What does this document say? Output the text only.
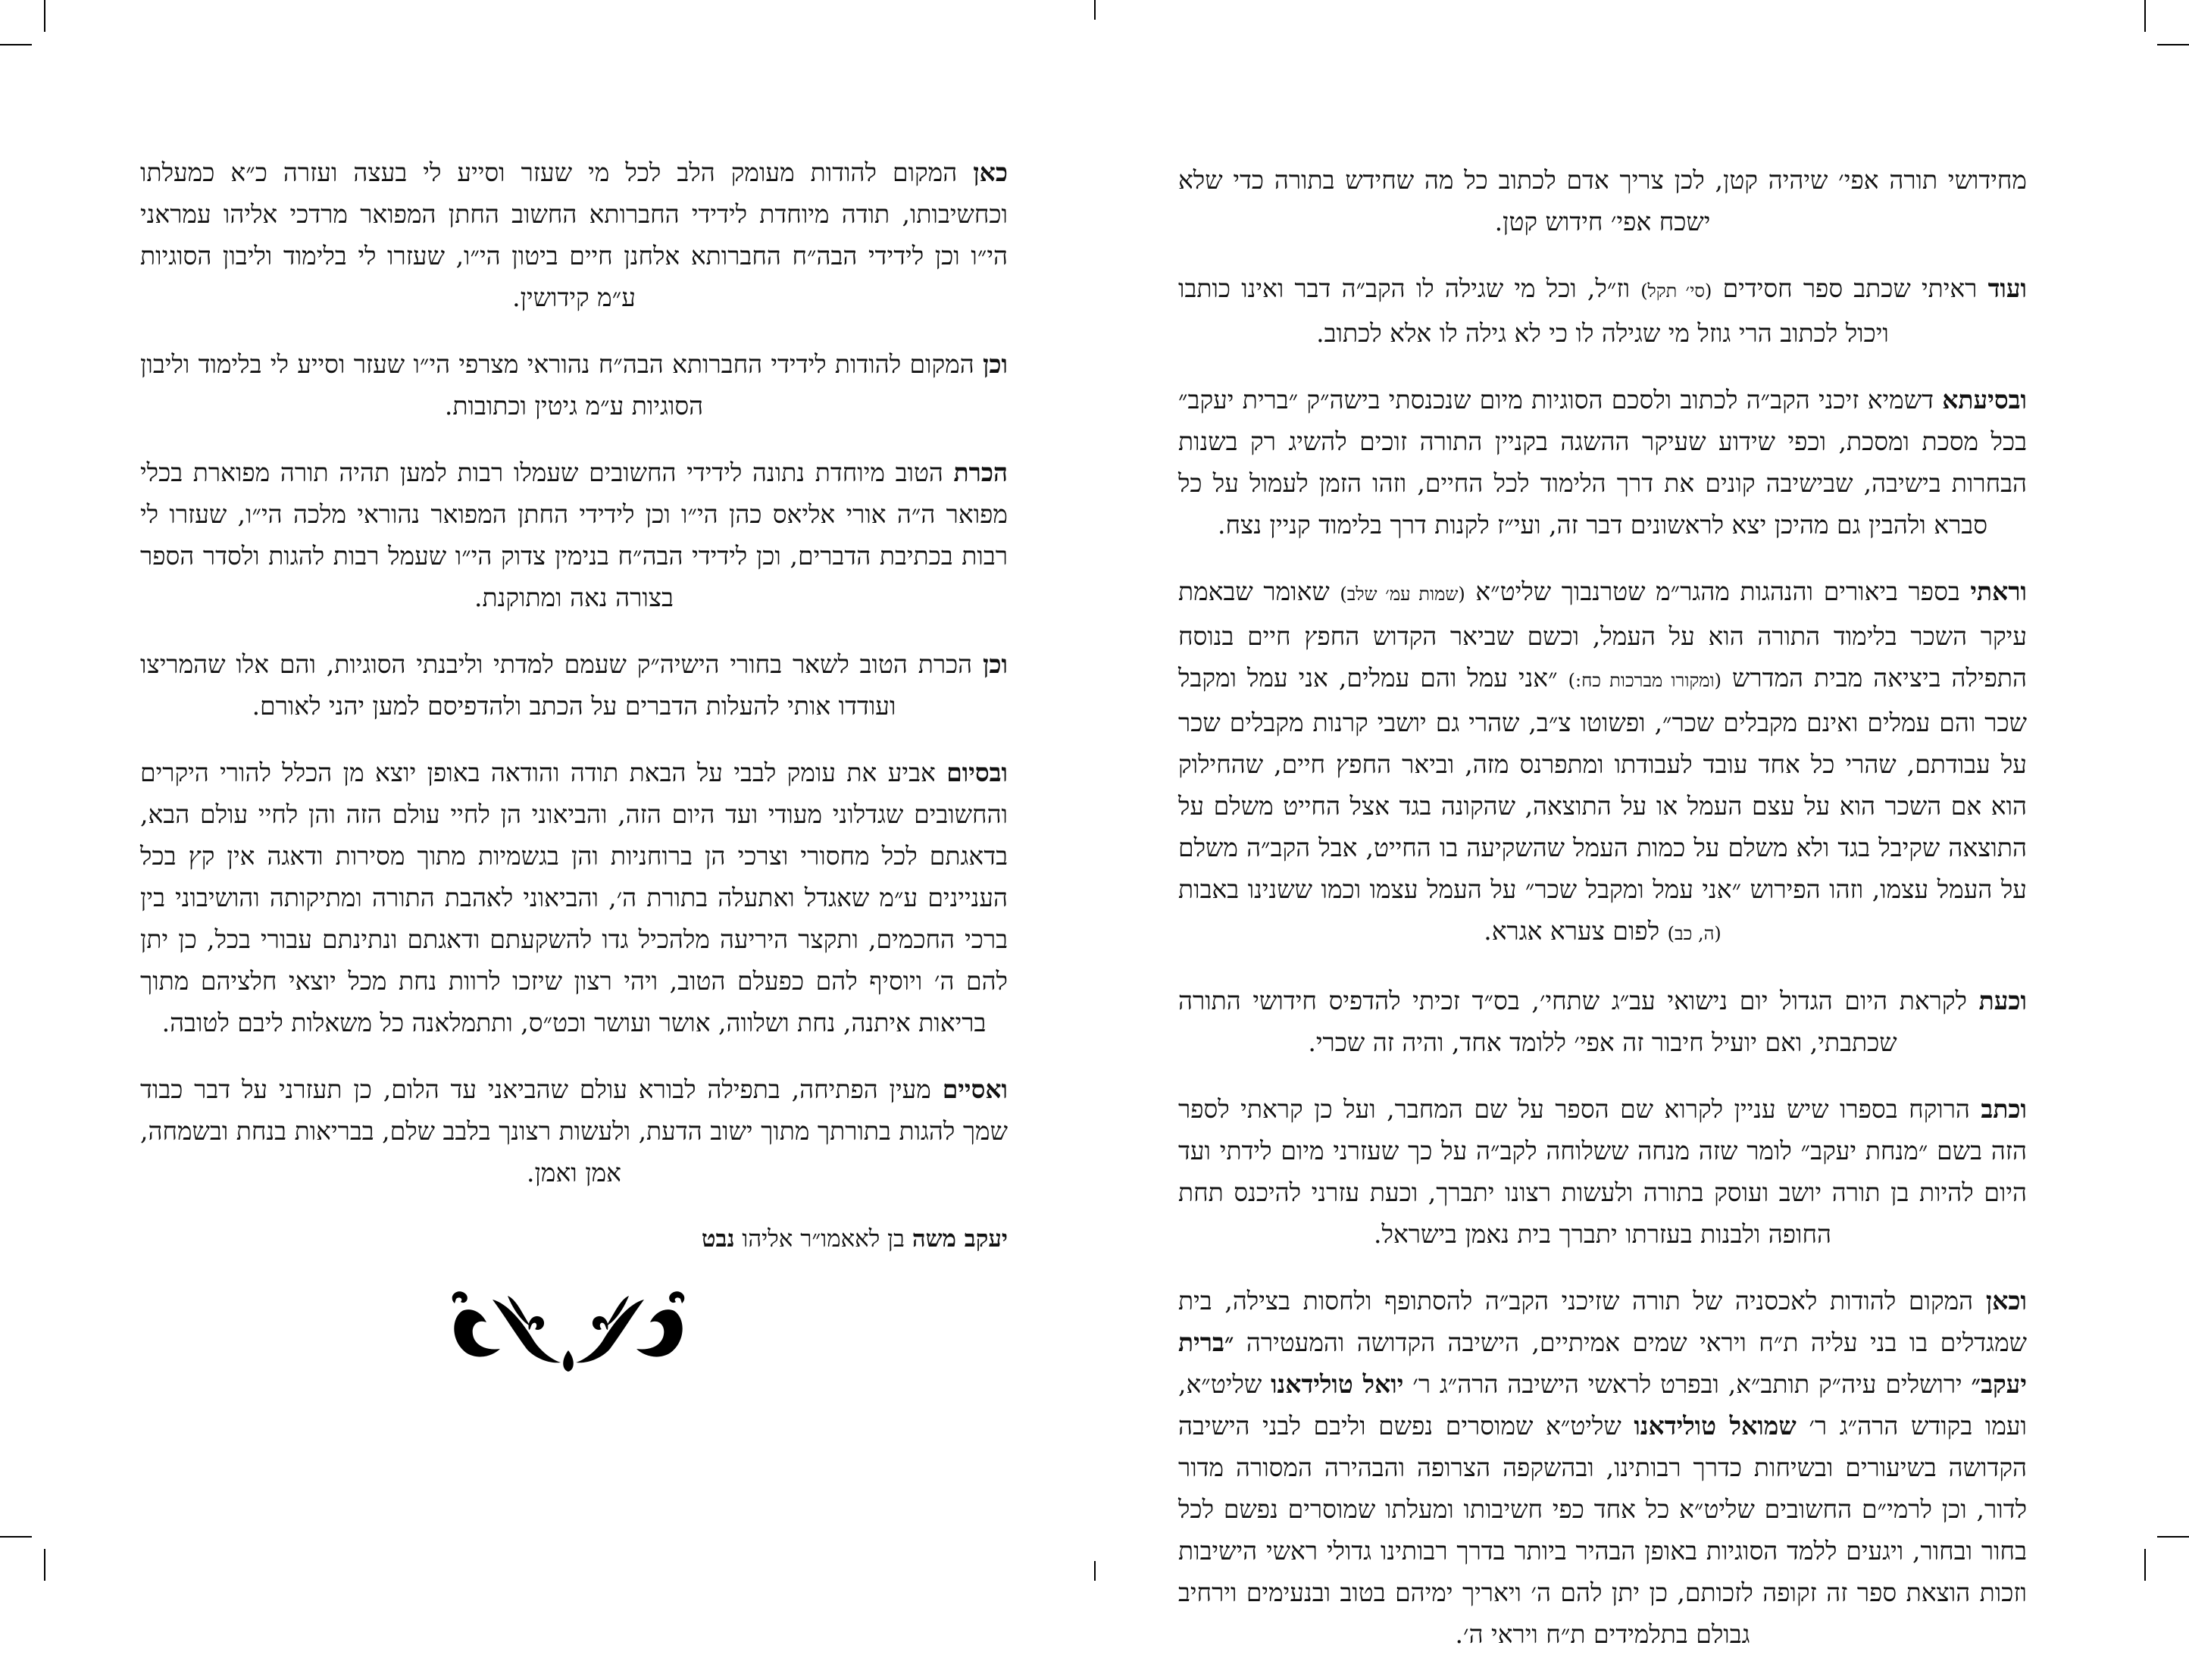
כאן המקום להודות מעומק הלב לכל מי שעזר וסייע לי בעצה ועזרה כ״א כמעלתו וכחשיבותו, תודה מיוחדת לידידי החברותא החשוב החתן המפואר מרדכי אליהו עמראני הי״ו וכן לידידי הבה״ח החברותא אלחנן חיים ביטון הי״ו, שעזרו לי בלימוד וליבון הסוגיות ע״מ קידושין.

וכן המקום להודות לידידי החברותא הבה״ח נהוראי מצרפי הי״ו שעזר וסייע לי בלימוד וליבון הסוגיות ע״מ גיטין וכתובות.

הכרת הטוב מיוחדת נתונה לידידי החשובים שעמלו רבות למען תהיה תורה מפוארת בכלי מפואר ה״ה אורי אליאס כהן הי״ו וכן לידידי החתן המפואר נהוראי מלכה הי״ו, שעזרו לי רבות בכתיבת הדברים, וכן לידידי הבה״ח בנימין צדוק הי״ו שעמל רבות להגות ולסדר הספר בצורה נאה ומתוקנת.

וכן הכרת הטוב לשאר בחורי הישיה״ק שעמם למדתי וליבנתי הסוגיות, והם אלו שהמריצו ועודדו אותי להעלות הדברים על הכתב ולהדפיסם למען יהני לאורם.

ובסיום אביע את עומק לבבי על הבאת תודה והודאה באופן יוצא מן הכלל להורי היקרים והחשובים שגדלוני מעודי ועד היום הזה, והביאוני הן לחיי עולם הזה והן לחיי עולם הבא, בדאגתם לכל מחסורי וצרכי הן ברוחניות והן בגשמיות מתוך מסירות ודאגה אין קץ בכל העניינים ע״מ שאגדל ואתעלה בתורת ה׳, והביאוני לאהבת התורה ומתיקותה והושיבוני בין ברכי החכמים, ותקצר היריעה מלהכיל גדו להשקעתם ודאגתם ונתינתם עבורי בכל, כן יתן להם ה׳ ויוסיף להם כפעלם הטוב, ויהי רצון שיזכו לרוות נחת מכל יוצאי חלציהם מתוך בריאות איתנה, נחת ושלווה, אושר ועושר וכט״ס, ותתמלאנה כל משאלות ליבם לטובה.

ואסיים מעין הפתיחה, בתפילה לבורא עולם שהביאני עד הלום, כן תעזרני על דבר כבוד שמך להגות בתורתך מתוך ישוב הדעת, ולעשות רצונך בלבב שלם, בבריאות בנחת ובשמחה, אמן ואמן.

יעקב משה בן לאאמו״ר אליהו נבט

מחידושי תורה אפי׳ שיהיה קטן, לכן צריך אדם לכתוב כל מה שחידש בתורה כדי שלא ישכח אפי׳ חידוש קטן.

ועוד ראיתי שכתב ספר חסידים (סי׳ תקל) וז״ל, וכל מי שגילה לו הקב״ה דבר ואינו כותבו ויכול לכתוב הרי גוזל מי שגילה לו כי לא גילה לו אלא לכתוב.

ובסיעתא דשמיא זיכני הקב״ה לכתוב ולסכם הסוגיות מיום שנכנסתי בישה״ק ״ברית יעקב״ בכל מסכת ומסכת, וכפי שידוע שעיקר ההשגה בקניין התורה זוכים להשיג רק בשנות הבחרות בישיבה, שבישיבה קונים את דרך הלימוד לכל החיים, וזהו הזמן לעמול על כל סברא ולהבין גם מהיכן יצא לראשונים דבר זה, ועי״ז לקנות דרך בלימוד קניין נצח.

וראתי בספר ביאורים והנהגות מהגר״מ שטרנבוך שליט״א (שמות עמ׳ שלב) שאומר שבאמת עיקר השכר בלימוד התורה הוא על העמל, וכשם שביאר הקדוש החפץ חיים בנוסח התפילה ביציאה מבית המדרש (ומקורו מברכות כח:) ״אני עמל והם עמלים, אני עמל ומקבל שכר והם עמלים ואינם מקבלים שכר״, ופשוטו צ״ב, שהרי גם יושבי קרנות מקבלים שכר על עבודתם, שהרי כל אחד עובד לעבודתו ומתפרנס מזה, וביאר החפץ חיים, שהחילוק הוא אם השכר הוא על עצם העמל או על התוצאה, שהקונה בגד אצל החייט משלם על התוצאה שקיבל בגד ולא משלם על כמות העמל שהשקיעה בו החייט, אבל הקב״ה משלם על העמל עצמו, וזהו הפירוש ״אני עמל ומקבל שכר״ על העמל עצמו וכמו ששנינו באבות (ה, כב) לפום צערא אגרא.

וכעת לקראת היום הגדול יום נישואי עב״ג שתחי׳, בס״ד זכיתי להדפיס חידושי התורה שכתבתי, ואם יועיל חיבור זה אפי׳ ללומד אחד, והיה זה שכרי.

וכתב הרוקח בספרו שיש עניין לקרוא שם הספר על שם המחבר, ועל כן קראתי לספר הזה בשם ״מנחת יעקב״ לומר שזה מנחה ששלוחה לקב״ה על כך שעזרני מיום לידתי ועד היום להיות בן תורה יושב ועוסק בתורה ולעשות רצונו יתברך, וכעת עזרני להיכנס תחת החופה ולבנות בעזרתו יתברך בית נאמן בישראל.

וכאן המקום להודות לאכסניה של תורה שזיכני הקב״ה להסתופף ולחסות בצילה, בית שמגדלים בו בני עליה ת״ח ויראי שמים אמיתיים, הישיבה הקדושה והמעטירה ״ברית יעקב״ ירושלים עיה״ק תותב״א, ובפרט לראשי הישיבה הרה״ג ר׳ יואל טולידאנו שליט״א, ועמו בקודש הרה״ג ר׳ שמואל טולידאנו שליט״א שמוסרים נפשם וליבם לבני הישיבה הקדושה בשיעורים ובשיחות כדרך רבותינו, ובהשקפה הצרופה והבהירה המסורה מדור לדור, וכן לרמי״ם החשובים שליט״א כל אחד כפי חשיבותו ומעלתו שמוסרים נפשם לכל בחור ובחור, ויגעים ללמד הסוגיות באופן הבהיר ביותר בדרך רבותינו גדולי ראשי הישיבות וזכות הוצאת ספר זה זקופה לזכותם, כן יתן להם ה׳ ויאריך ימיהם בטוב ובנעימים וירחיב גבולם בתלמידים ת״ח ויראי ה׳.
